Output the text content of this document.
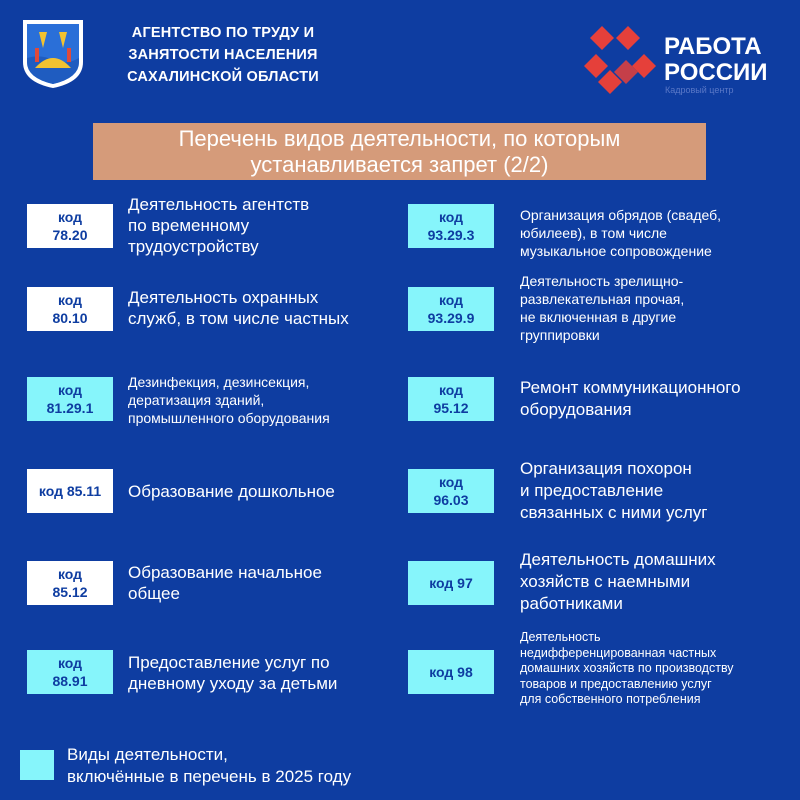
АГЕНТСТВО ПО ТРУДУ И
ЗАНЯТОСТИ НАСЕЛЕНИЯ
САХАЛИНСКОЙ ОБЛАСТИ
РАБОТА
РОССИИ
Кадровый центр
Перечень видов деятельности, по которым
устанавливается запрет (2/2)
код
78.20
Деятельность агентств
по временному
трудоустройству
код
80.10
Деятельность охранных
служб, в том числе частных
код
81.29.1
Дезинфекция, дезинсекция,
дератизация зданий,
промышленного оборудования
код 85.11 Образование дошкольное
код
85.12
Образование начальное
общее
код
88.91
Предоставление услуг по
дневному уходу за детьми
код
93.29.3
Организация обрядов (свадеб,
юбилеев), в том числе
музыкальное сопровождение
код
93.29.9
Деятельность зрелищно-
развлекательная прочая,
не включенная в другие
группировки
код
95.12
Ремонт коммуникационного
оборудования
код
96.03
Организация похорон
и предоставление
связанных с ними услуг
код 97
Деятельность домашних
хозяйств с наемными
работниками
код 98
Деятельность
недифференцированная частных
домашних хозяйств по производству
товаров и предоставлению услуг
для собственного потребления
Виды деятельности,
включённые в перечень в 2025 году
